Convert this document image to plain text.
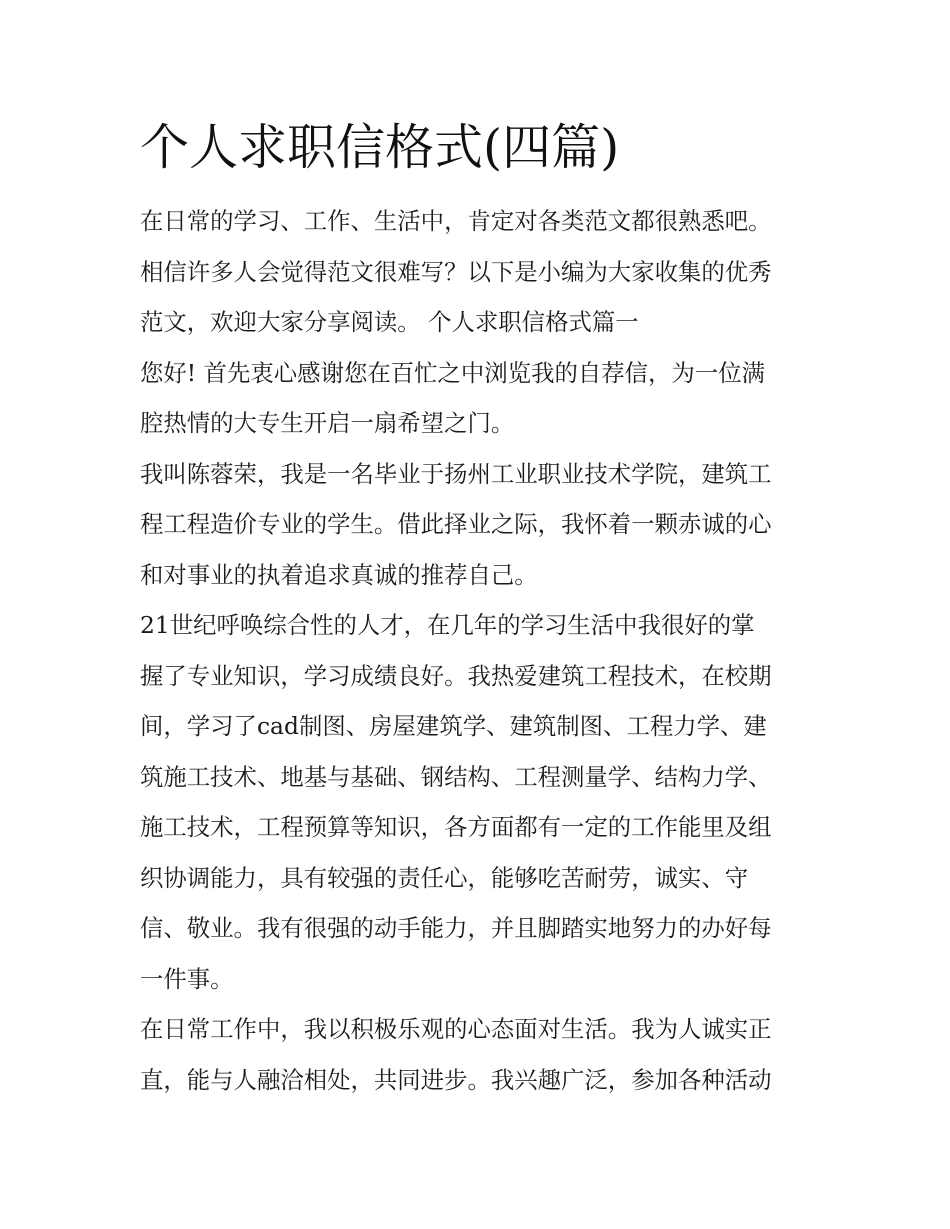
个人求职信格式(四篇)
在日常的学习、工作、生活中，肯定对各类范文都很熟悉吧。
相信许多人会觉得范文很难写？以下是小编为大家收集的优秀
范文，欢迎大家分享阅读。 个人求职信格式篇一
您好! 首先衷心感谢您在百忙之中浏览我的自荐信，为一位满
腔热情的大专生开启一扇希望之门。
我叫陈蓉荣，我是一名毕业于扬州工业职业技术学院，建筑工
程工程造价专业的学生。借此择业之际，我怀着一颗赤诚的心
和对事业的执着追求真诚的推荐自己。
21世纪呼唤综合性的人才，在几年的学习生活中我很好的掌
握了专业知识，学习成绩良好。我热爱建筑工程技术，在校期
间，学习了cad制图、房屋建筑学、建筑制图、工程力学、建
筑施工技术、地基与基础、钢结构、工程测量学、结构力学、
施工技术，工程预算等知识，各方面都有一定的工作能里及组
织协调能力，具有较强的责任心，能够吃苦耐劳，诚实、守
信、敬业。我有很强的动手能力，并且脚踏实地努力的办好每
一件事。
在日常工作中，我以积极乐观的心态面对生活。我为人诚实正
直，能与人融洽相处，共同进步。我兴趣广泛，参加各种活动
